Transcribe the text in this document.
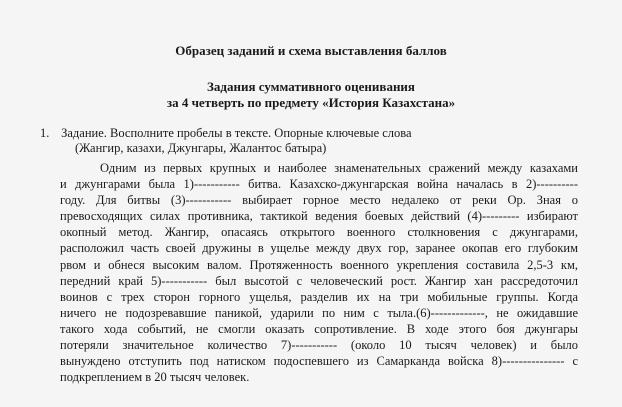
Образец заданий и схема выставления баллов
Задания суммативного оценивания
за 4 четверть по предмету «История Казахстана»
1. Задание. Восполните пробелы в тексте. Опорные ключевые слова
(Жангир, казахи, Джунгары, Жалантос батыра)
Одним из первых крупных и наиболее знаменательных сражений между казахами
и джунгарами была 1)----------- битва. Казахско-джунгарская война началась в 2)----------
году. Для битвы (3)----------- выбирает горное место недалеко от реки Ор. Зная о
превосходящих силах противника, тактикой ведения боевых действий (4)--------- избирают
окопный метод. Жангир, опасаясь открытого военного столкновения с джунгарами,
расположил часть своей дружины в ущелье между двух гор, заранее окопав его глубоким
рвом и обнеся высоким валом. Протяженность военного укрепления составила 2,5-3 км,
передний край 5)----------- был высотой с человеческий рост. Жангир хан рассредоточил
воинов с трех сторон горного ущелья, разделив их на три мобильные группы. Когда
ничего не подозревавшие паникой, ударили по ним с тыла.(6)-------------, не ожидавшие
такого хода событий, не смогли оказать сопротивление. В ходе этого боя джунгары
потеряли значительное количество 7)----------- (около 10 тысяч человек) и было
вынуждено отступить под натиском подоспевшего из Самарканда войска 8)--------------- с
подкреплением в 20 тысяч человек.
